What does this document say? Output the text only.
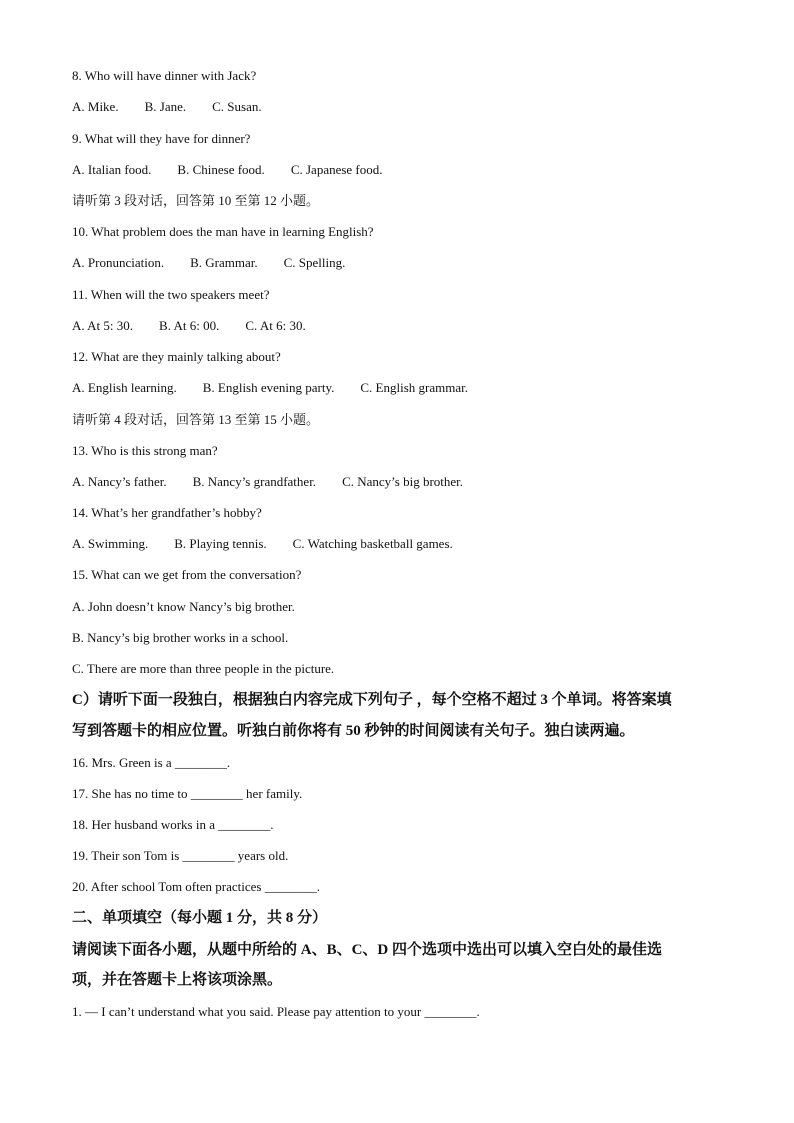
8. Who will have dinner with Jack?
A. Mike. B. Jane. C. Susan.
9. What will they have for dinner?
A. Italian food. B. Chinese food. C. Japanese food.
请听第 3 段对话，回答第 10 至第 12 小题。
10. What problem does the man have in learning English?
A. Pronunciation. B. Grammar. C. Spelling.
11. When will the two speakers meet?
A. At 5: 30. B. At 6: 00. C. At 6: 30.
12. What are they mainly talking about?
A. English learning. B. English evening party. C. English grammar.
请听第 4 段对话，回答第 13 至第 15 小题。
13. Who is this strong man?
A. Nancy’s father. B. Nancy’s grandfather. C. Nancy’s big brother.
14. What’s her grandfather’s hobby?
A. Swimming. B. Playing tennis. C. Watching basketball games.
15. What can we get from the conversation?
A. John doesn’t know Nancy’s big brother.
B. Nancy’s big brother works in a school.
C. There are more than three people in the picture.
C）请听下面一段独白，根据独白内容完成下列句子 ，每个空格不超过 3 个单词。将答案填
写到答题卡的相应位置。听独白前你将有 50 秒钟的时间阅读有关句子。独白读两遍。
16. Mrs. Green is a ________.
17. She has no time to ________ her family.
18. Her husband works in a ________.
19. Their son Tom is ________ years old.
20. After school Tom often practices ________.
二、单项填空（每小题 1 分，共 8 分）
请阅读下面各小题，从题中所给的 A、B、C、D 四个选项中选出可以填入空白处的最佳选
项，并在答题卡上将该项涂黑。
1. — I can’t understand what you said. Please pay attention to your ________.
